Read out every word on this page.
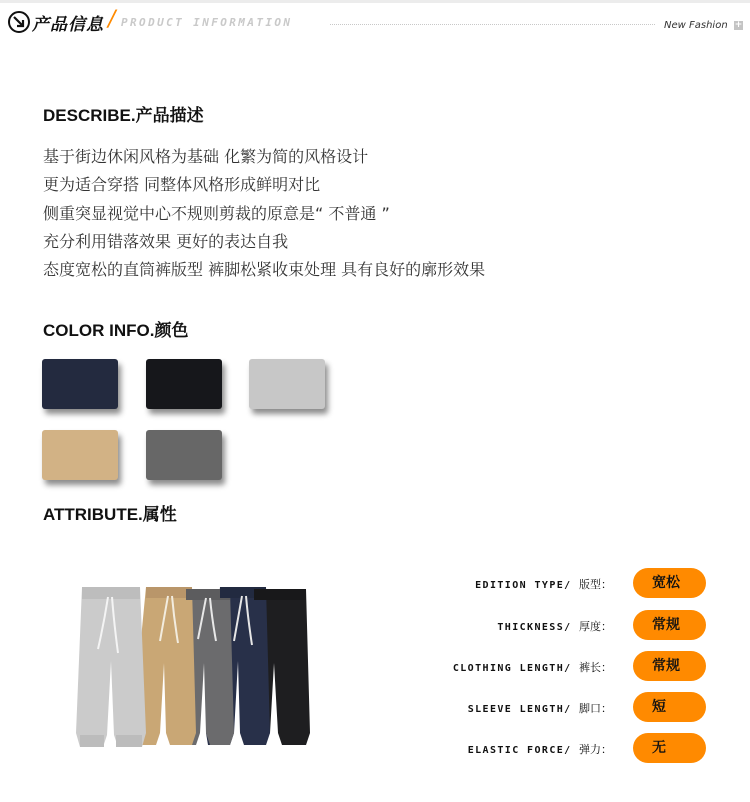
产品信息 / PRODUCT INFORMATION	New Fashion +
DESCRIBE.产品描述
基于街边休闲风格为基础 化繁为简的风格设计
更为适合穿搭 同整体风格形成鲜明对比
侧重突显视觉中心不规则剪裁的原意是“ 不普通 ”
充分利用错落效果 更好的表达自我
态度宽松的直筒裤版型 裤脚松紧收束处理 具有良好的廓形效果
COLOR INFO.颜色
ATTRIBUTE.属性
EDITION TYPE/ 版型：	宽松
THICKNESS/ 厚度：	常规
CLOTHING LENGTH/ 裤长：	常规
SLEEVE LENGTH/ 脚口：	短
ELASTIC FORCE/ 弹力：	无
